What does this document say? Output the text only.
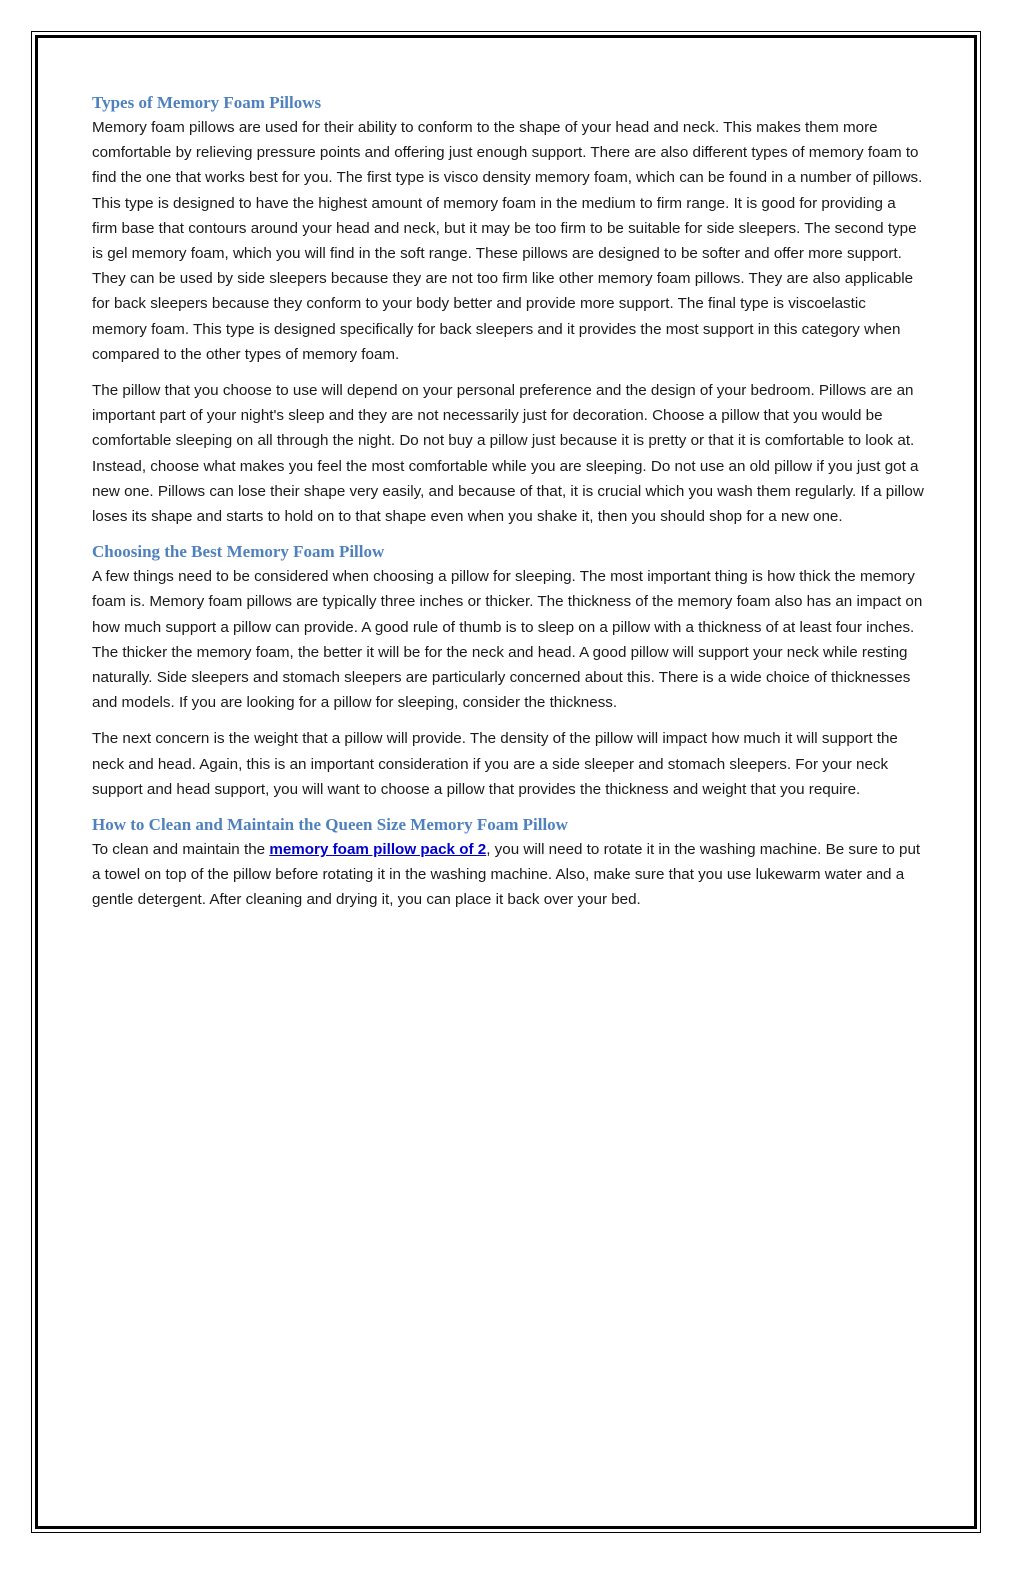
Types of Memory Foam Pillows

Memory foam pillows are used for their ability to conform to the shape of your head and neck. This makes them more comfortable by relieving pressure points and offering just enough support. There are also different types of memory foam to find the one that works best for you. The first type is visco density memory foam, which can be found in a number of pillows. This type is designed to have the highest amount of memory foam in the medium to firm range. It is good for providing a firm base that contours around your head and neck, but it may be too firm to be suitable for side sleepers. The second type is gel memory foam, which you will find in the soft range. These pillows are designed to be softer and offer more support. They can be used by side sleepers because they are not too firm like other memory foam pillows. They are also applicable for back sleepers because they conform to your body better and provide more support. The final type is viscoelastic memory foam. This type is designed specifically for back sleepers and it provides the most support in this category when compared to the other types of memory foam.

The pillow that you choose to use will depend on your personal preference and the design of your bedroom. Pillows are an important part of your night's sleep and they are not necessarily just for decoration. Choose a pillow that you would be comfortable sleeping on all through the night. Do not buy a pillow just because it is pretty or that it is comfortable to look at. Instead, choose what makes you feel the most comfortable while you are sleeping. Do not use an old pillow if you just got a new one. Pillows can lose their shape very easily, and because of that, it is crucial which you wash them regularly. If a pillow loses its shape and starts to hold on to that shape even when you shake it, then you should shop for a new one.

Choosing the Best Memory Foam Pillow

A few things need to be considered when choosing a pillow for sleeping. The most important thing is how thick the memory foam is. Memory foam pillows are typically three inches or thicker. The thickness of the memory foam also has an impact on how much support a pillow can provide. A good rule of thumb is to sleep on a pillow with a thickness of at least four inches. The thicker the memory foam, the better it will be for the neck and head. A good pillow will support your neck while resting naturally. Side sleepers and stomach sleepers are particularly concerned about this. There is a wide choice of thicknesses and models. If you are looking for a pillow for sleeping, consider the thickness.

The next concern is the weight that a pillow will provide. The density of the pillow will impact how much it will support the neck and head. Again, this is an important consideration if you are a side sleeper and stomach sleepers. For your neck support and head support, you will want to choose a pillow that provides the thickness and weight that you require.

How to Clean and Maintain the Queen Size Memory Foam Pillow

To clean and maintain the memory foam pillow pack of 2, you will need to rotate it in the washing machine. Be sure to put a towel on top of the pillow before rotating it in the washing machine. Also, make sure that you use lukewarm water and a gentle detergent. After cleaning and drying it, you can place it back over your bed.
